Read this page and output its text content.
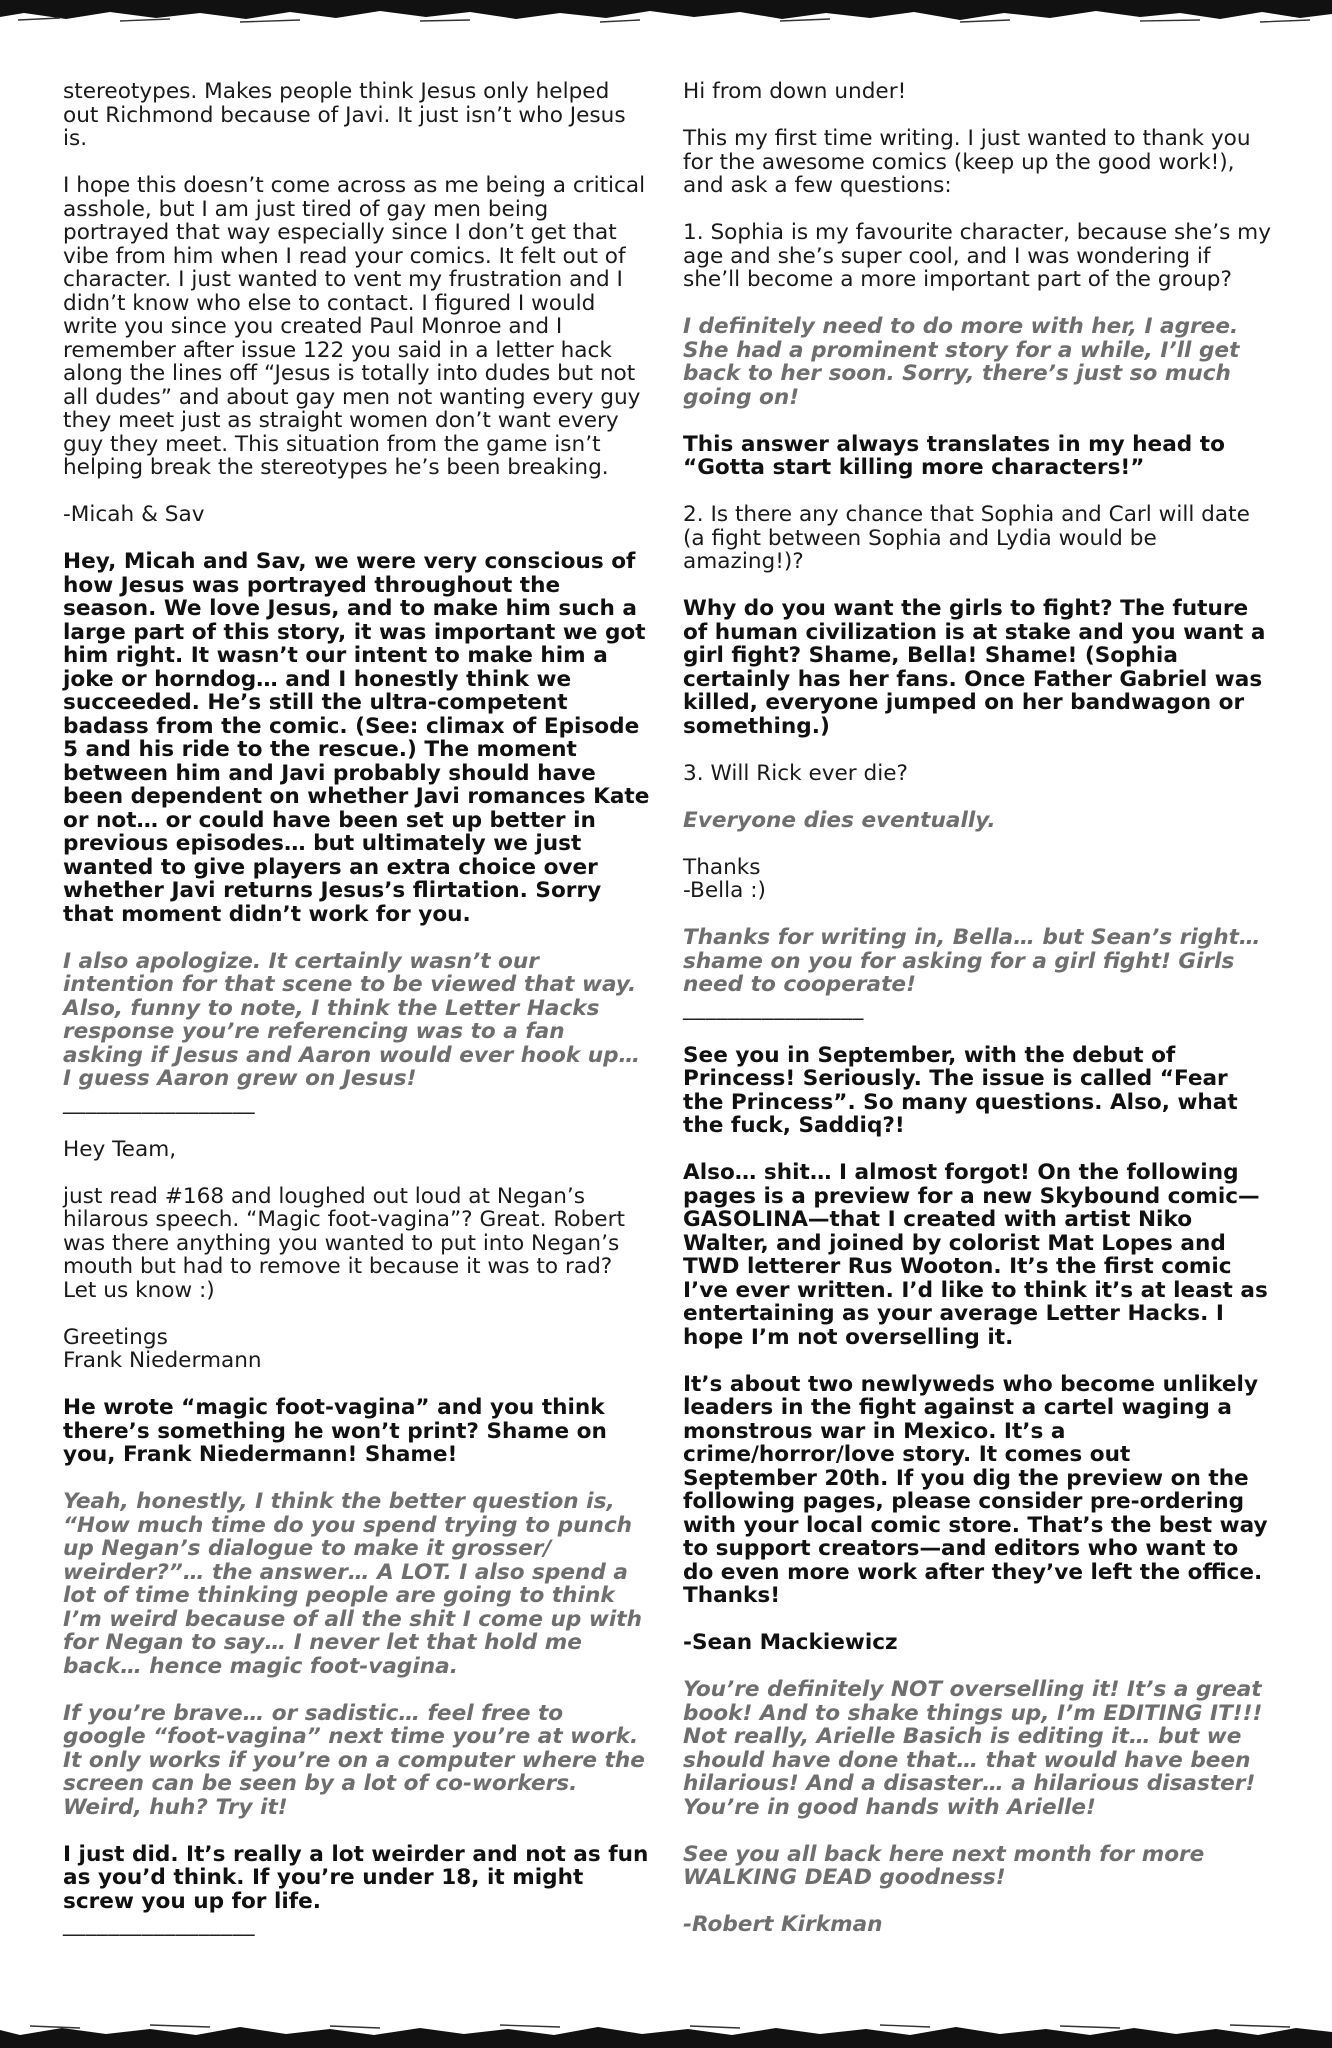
stereotypes. Makes people think Jesus only helped out Richmond because of Javi. It just isn’t who Jesus is.

I hope this doesn’t come across as me being a critical asshole, but I am just tired of gay men being portrayed that way especially since I don’t get that vibe from him when I read your comics. It felt out of character. I just wanted to vent my frustration and I didn’t know who else to contact. I figured I would write you since you created Paul Monroe and I remember after issue 122 you said in a letter hack along the lines off “Jesus is totally into dudes but not all dudes” and about gay men not wanting every guy they meet just as straight women don’t want every guy they meet. This situation from the game isn’t helping break the stereotypes he’s been breaking.

-Micah & Sav

Hey, Micah and Sav, we were very conscious of how Jesus was portrayed throughout the season. We love Jesus, and to make him such a large part of this story, it was important we got him right. It wasn’t our intent to make him a joke or horndog… and I honestly think we succeeded. He’s still the ultra-competent badass from the comic. (See: climax of Episode 5 and his ride to the rescue.) The moment between him and Javi probably should have been dependent on whether Javi romances Kate or not… or could have been set up better in previous episodes… but ultimately we just wanted to give players an extra choice over whether Javi returns Jesus’s flirtation. Sorry that moment didn’t work for you.

I also apologize. It certainly wasn’t our intention for that scene to be viewed that way. Also, funny to note, I think the Letter Hacks response you’re referencing was to a fan asking if Jesus and Aaron would ever hook up… I guess Aaron grew on Jesus!

_________________

Hey Team,

just read #168 and loughed out loud at Negan’s hilarous speech. “Magic foot-vagina”? Great. Robert was there anything you wanted to put into Negan’s mouth but had to remove it because it was to rad? Let us know :)

Greetings
Frank Niedermann

He wrote “magic foot-vagina” and you think there’s something he won’t print? Shame on you, Frank Niedermann! Shame!

Yeah, honestly, I think the better question is, “How much time do you spend trying to punch up Negan’s dialogue to make it grosser/ weirder?”… the answer… A LOT. I also spend a lot of time thinking people are going to think I’m weird because of all the shit I come up with for Negan to say… I never let that hold me back… hence magic foot-vagina.

If you’re brave… or sadistic… feel free to google “foot-vagina” next time you’re at work. It only works if you’re on a computer where the screen can be seen by a lot of co-workers. Weird, huh? Try it!

I just did. It’s really a lot weirder and not as fun as you’d think. If you’re under 18, it might screw you up for life.

_________________

Hi from down under!

This my first time writing. I just wanted to thank you for the awesome comics (keep up the good work!), and ask a few questions:

1. Sophia is my favourite character, because she’s my age and she’s super cool, and I was wondering if she’ll become a more important part of the group?

I definitely need to do more with her, I agree. She had a prominent story for a while, I’ll get back to her soon. Sorry, there’s just so much going on!

This answer always translates in my head to “Gotta start killing more characters!”

2. Is there any chance that Sophia and Carl will date (a fight between Sophia and Lydia would be amazing!)?

Why do you want the girls to fight? The future of human civilization is at stake and you want a girl fight? Shame, Bella! Shame! (Sophia certainly has her fans. Once Father Gabriel was killed, everyone jumped on her bandwagon or something.)

3. Will Rick ever die?

Everyone dies eventually.

Thanks
-Bella :)

Thanks for writing in, Bella… but Sean’s right… shame on you for asking for a girl fight! Girls need to cooperate!

________________

See you in September, with the debut of Princess! Seriously. The issue is called “Fear the Princess”. So many questions. Also, what the fuck, Saddiq?!

Also… shit… I almost forgot! On the following pages is a preview for a new Skybound comic—GASOLINA—that I created with artist Niko Walter, and joined by colorist Mat Lopes and TWD letterer Rus Wooton. It’s the first comic I’ve ever written. I’d like to think it’s at least as entertaining as your average Letter Hacks. I hope I’m not overselling it.

It’s about two newlyweds who become unlikely leaders in the fight against a cartel waging a monstrous war in Mexico. It’s a crime/horror/love story. It comes out September 20th. If you dig the preview on the following pages, please consider pre-ordering with your local comic store. That’s the best way to support creators—and editors who want to do even more work after they’ve left the office. Thanks!

-Sean Mackiewicz

You’re definitely NOT overselling it! It’s a great book! And to shake things up, I’m EDITING IT!!! Not really, Arielle Basich is editing it… but we should have done that… that would have been hilarious! And a disaster… a hilarious disaster! You’re in good hands with Arielle!

See you all back here next month for more WALKING DEAD goodness!

-Robert Kirkman
